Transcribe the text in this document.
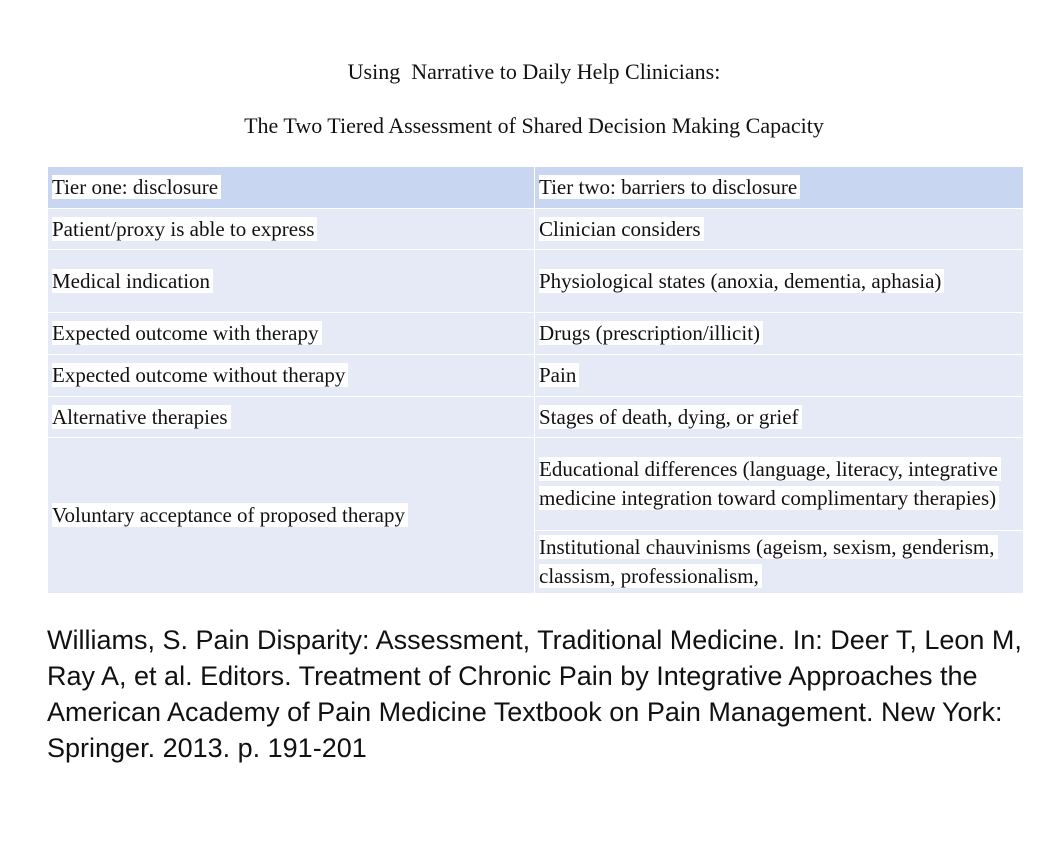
Using  Narrative to Daily Help Clinicians:
The Two Tiered Assessment of Shared Decision Making Capacity
Tier one: disclosure	Tier two: barriers to disclosure
Patient/proxy is able to express	Clinician considers
Medical indication	Physiological states (anoxia, dementia, aphasia)
Expected outcome with therapy	Drugs (prescription/illicit)
Expected outcome without therapy	Pain
Alternative therapies	Stages of death, dying, or grief
Voluntary acceptance of proposed therapy	Educational differences (language, literacy, integrative medicine integration toward complimentary therapies)
	Institutional chauvinisms (ageism, sexism, genderism, classism, professionalism,
Williams, S. Pain Disparity: Assessment, Traditional Medicine. In: Deer T, Leon M, Ray A, et al. Editors. Treatment of Chronic Pain by Integrative Approaches the American Academy of Pain Medicine Textbook on Pain Management. New York: Springer. 2013. p. 191-201
